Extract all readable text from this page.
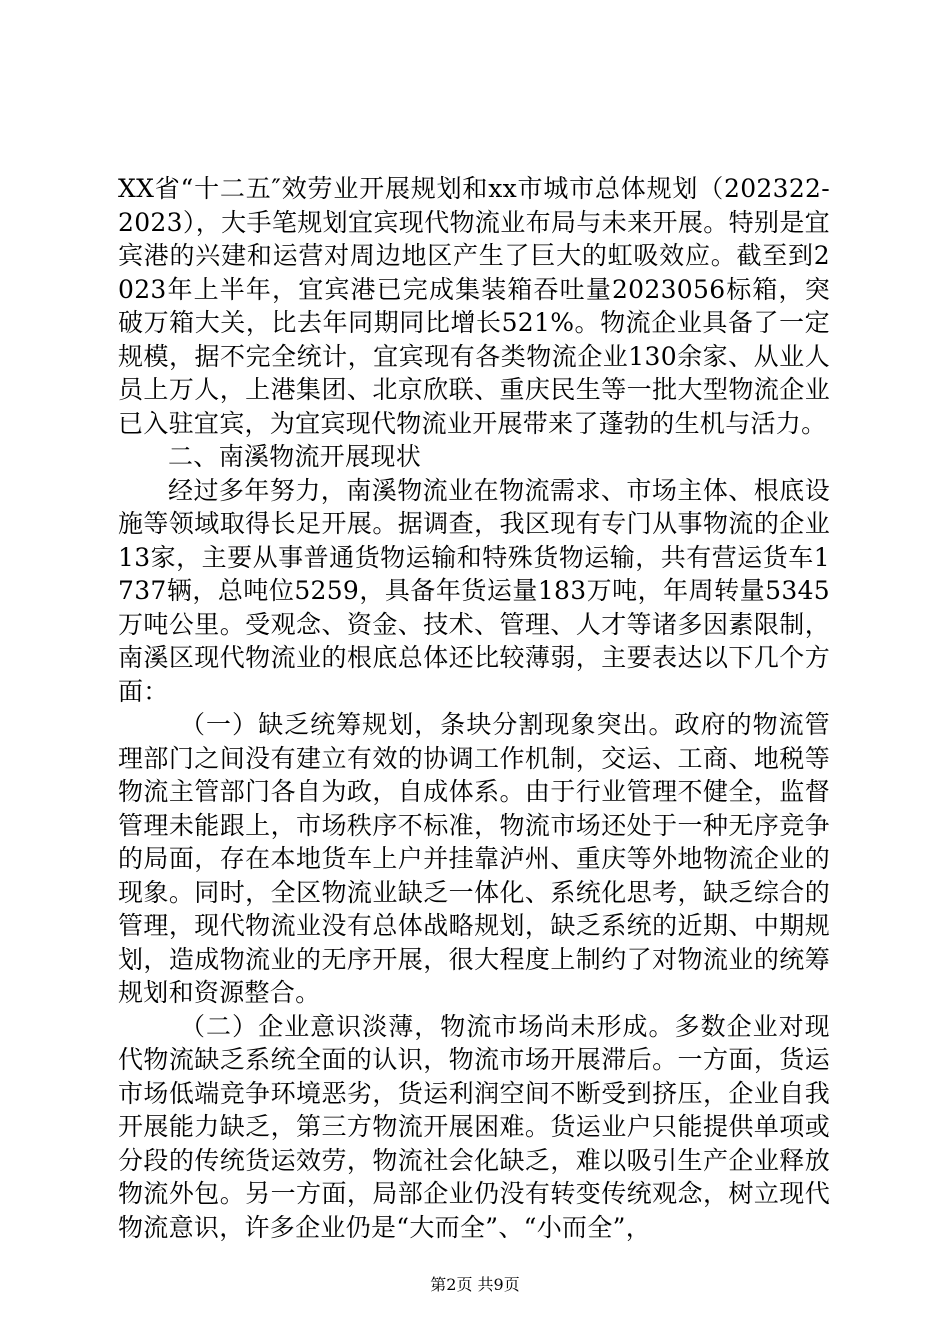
XX省“十二五″效劳业开展规划和xx市城市总体规划（202322-2023），大手笔规划宜宾现代物流业布局与未来开展。特别是宜宾港的兴建和运营对周边地区产生了巨大的虹吸效应。截至到2023年上半年，宜宾港已完成集装箱吞吐量2023056标箱，突破万箱大关，比去年同期同比增长521%。物流企业具备了一定规模，据不完全统计，宜宾现有各类物流企业130余家、从业人员上万人，上港集团、北京欣联、重庆民生等一批大型物流企业已入驻宜宾，为宜宾现代物流业开展带来了蓬勃的生机与活力。

二、南溪物流开展现状

经过多年努力，南溪物流业在物流需求、市场主体、根底设施等领域取得长足开展。据调查，我区现有专门从事物流的企业13家，主要从事普通货物运输和特殊货物运输，共有营运货车1737辆，总吨位5259，具备年货运量183万吨，年周转量5345万吨公里。受观念、资金、技术、管理、人才等诸多因素限制，南溪区现代物流业的根底总体还比较薄弱，主要表达以下几个方面：

（一）缺乏统筹规划，条块分割现象突出。政府的物流管理部门之间没有建立有效的协调工作机制，交运、工商、地税等物流主管部门各自为政，自成体系。由于行业管理不健全，监督管理未能跟上，市场秩序不标准，物流市场还处于一种无序竞争的局面，存在本地货车上户并挂靠泸州、重庆等外地物流企业的现象。同时，全区物流业缺乏一体化、系统化思考，缺乏综合的管理，现代物流业没有总体战略规划，缺乏系统的近期、中期规划，造成物流业的无序开展，很大程度上制约了对物流业的统筹规划和资源整合。

（二）企业意识淡薄，物流市场尚未形成。多数企业对现代物流缺乏系统全面的认识，物流市场开展滞后。一方面，货运市场低端竞争环境恶劣，货运利润空间不断受到挤压，企业自我开展能力缺乏，第三方物流开展困难。货运业户只能提供单项或分段的传统货运效劳，物流社会化缺乏，难以吸引生产企业释放物流外包。另一方面，局部企业仍没有转变传统观念，树立现代物流意识，许多企业仍是“大而全”、“小而全”，

第2页 共9页
